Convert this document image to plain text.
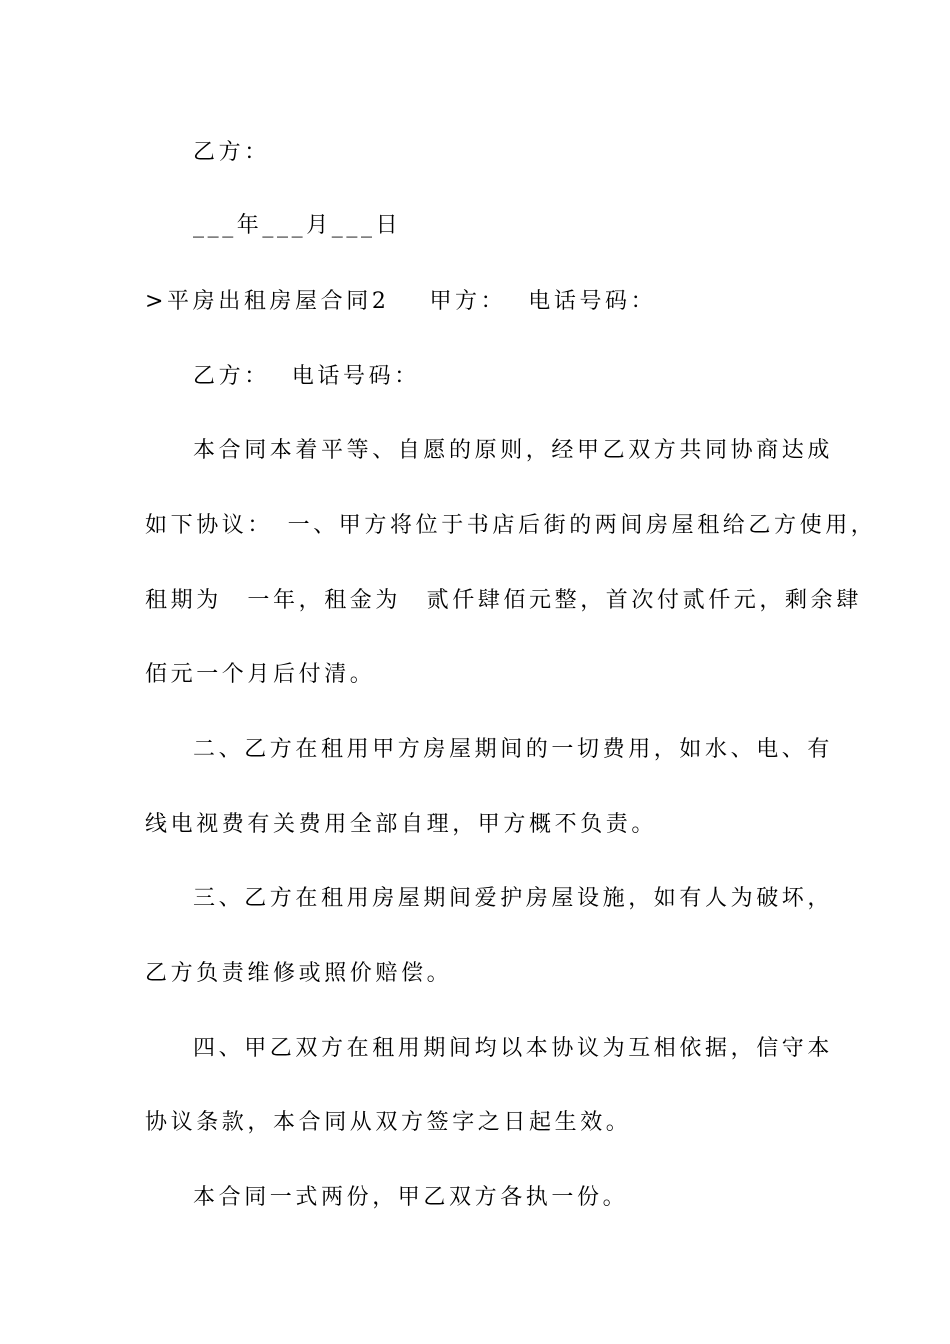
乙方：
___年___月___日
>平房出租房屋合同2 甲方： 电话号码：
乙方： 电话号码：
本合同本着平等、自愿的原则，经甲乙双方共同协商达成
如下协议：　一、甲方将位于书店后街的两间房屋租给乙方使用，
租期为　一年，租金为　贰仟肆佰元整，首次付贰仟元，剩余肆
佰元一个月后付清。
二、乙方在租用甲方房屋期间的一切费用，如水、电、有
线电视费有关费用全部自理，甲方概不负责。
三、乙方在租用房屋期间爱护房屋设施，如有人为破坏，
乙方负责维修或照价赔偿。
四、甲乙双方在租用期间均以本协议为互相依据，信守本
协议条款，本合同从双方签字之日起生效。
本合同一式两份，甲乙双方各执一份。
